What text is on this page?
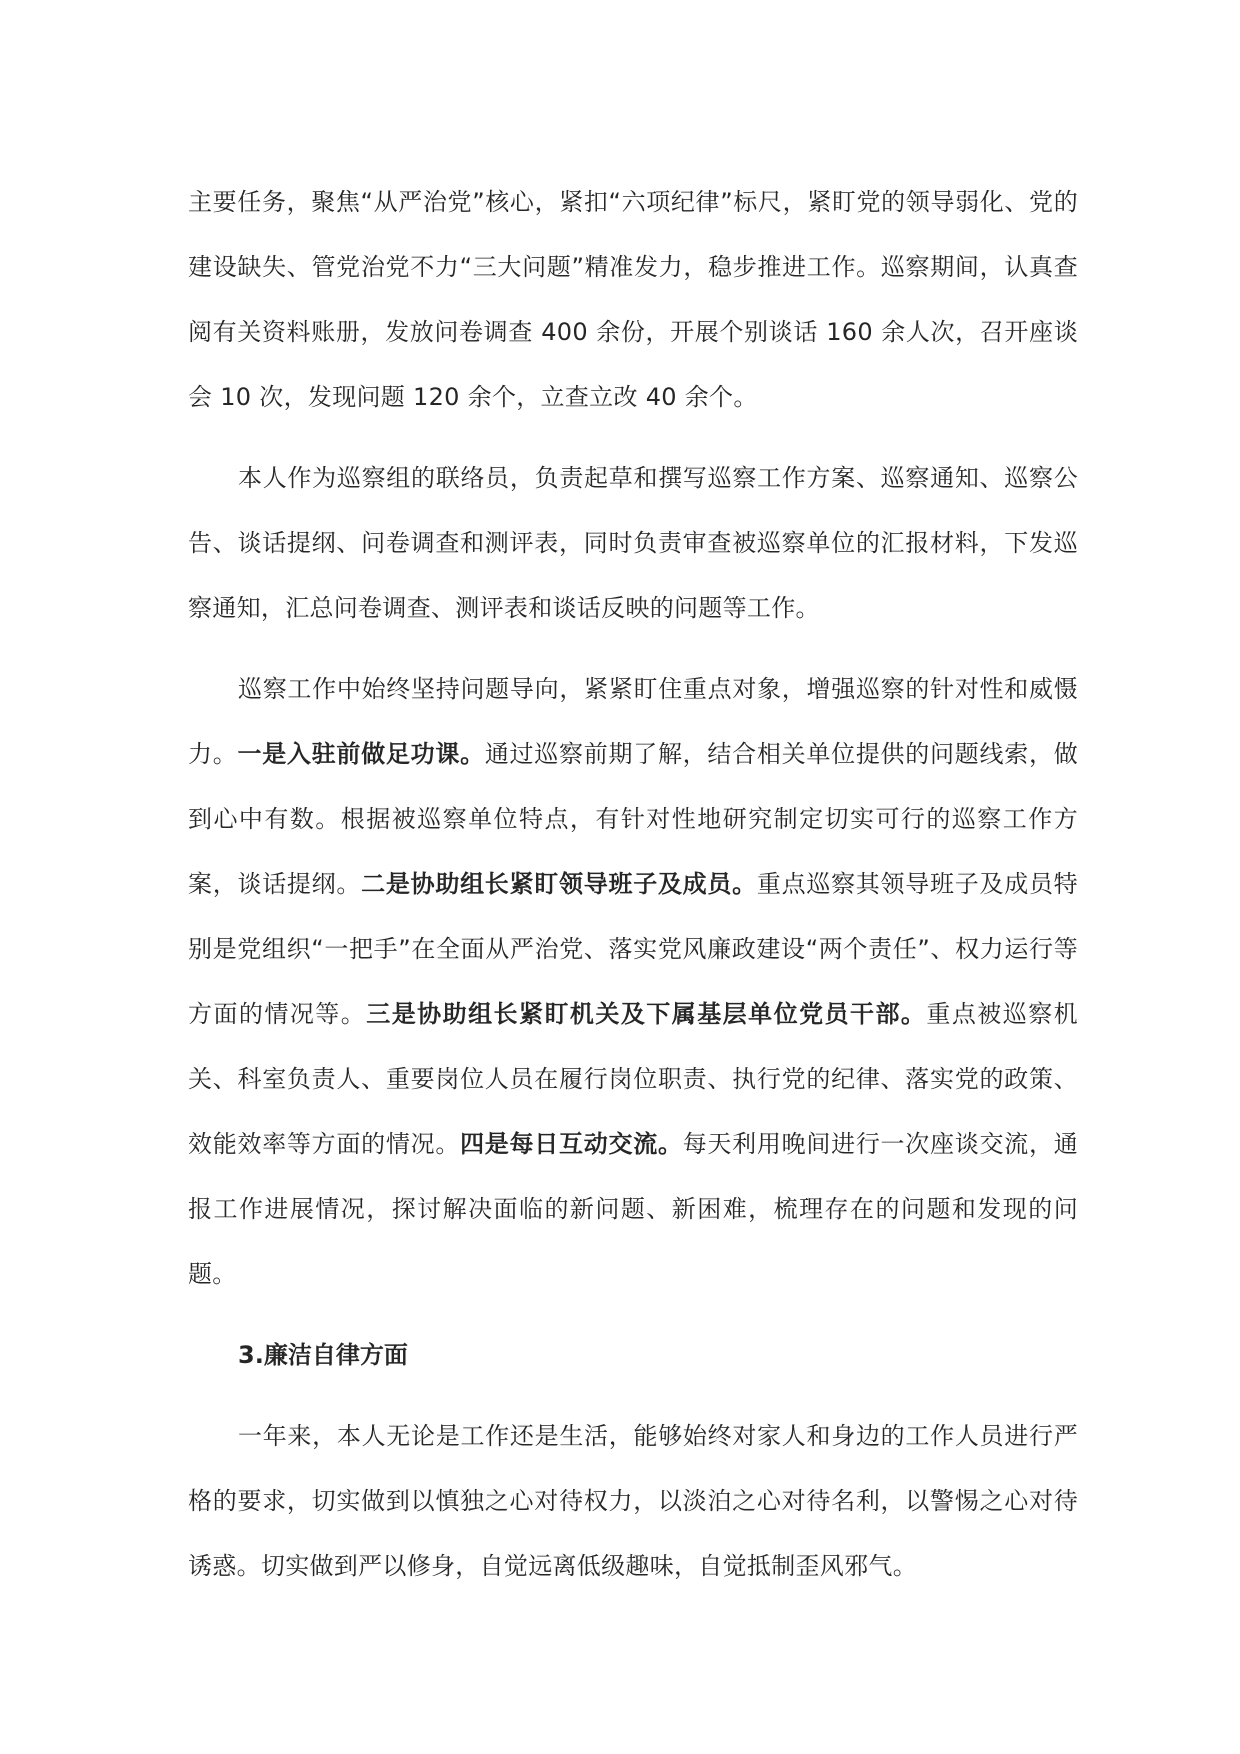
主要任务，聚焦“从严治党”核心，紧扣“六项纪律”标尺，紧盯党的领导弱化、党的建设缺失、管党治党不力“三大问题”精准发力，稳步推进工作。巡察期间，认真查阅有关资料账册，发放问卷调查 400 余份，开展个别谈话 160 余人次，召开座谈会 10 次，发现问题 120 余个，立查立改 40 余个。

本人作为巡察组的联络员，负责起草和撰写巡察工作方案、巡察通知、巡察公告、谈话提纲、问卷调查和测评表，同时负责审查被巡察单位的汇报材料，下发巡察通知，汇总问卷调查、测评表和谈话反映的问题等工作。

巡察工作中始终坚持问题导向，紧紧盯住重点对象，增强巡察的针对性和威慑力。一是入驻前做足功课。通过巡察前期了解，结合相关单位提供的问题线索，做到心中有数。根据被巡察单位特点，有针对性地研究制定切实可行的巡察工作方案，谈话提纲。二是协助组长紧盯领导班子及成员。重点巡察其领导班子及成员特别是党组织“一把手”在全面从严治党、落实党风廉政建设“两个责任”、权力运行等方面的情况等。三是协助组长紧盯机关及下属基层单位党员干部。重点被巡察机关、科室负责人、重要岗位人员在履行岗位职责、执行党的纪律、落实党的政策、效能效率等方面的情况。四是每日互动交流。每天利用晚间进行一次座谈交流，通报工作进展情况，探讨解决面临的新问题、新困难，梳理存在的问题和发现的问题。

3.廉洁自律方面

一年来，本人无论是工作还是生活，能够始终对家人和身边的工作人员进行严格的要求，切实做到以慎独之心对待权力，以淡泊之心对待名利，以警惕之心对待诱惑。切实做到严以修身，自觉远离低级趣味，自觉抵制歪风邪气。
